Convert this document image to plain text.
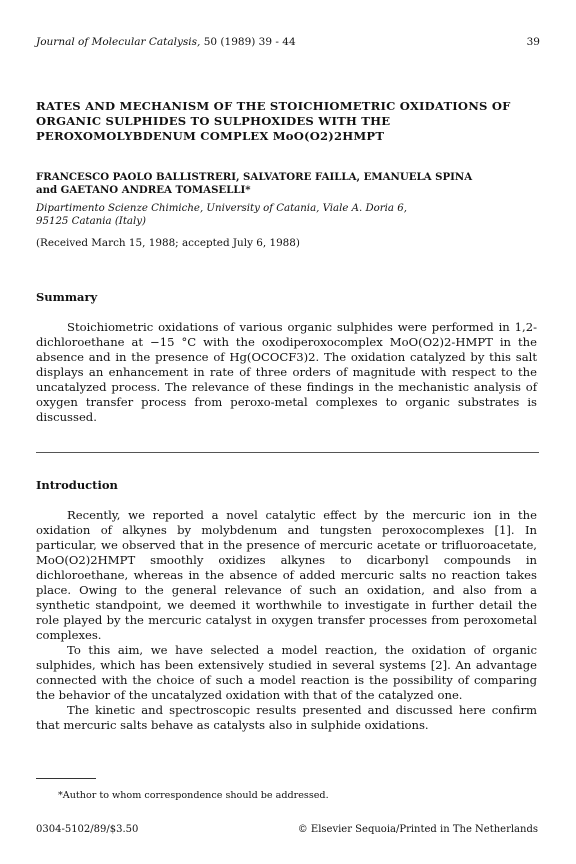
Journal of Molecular Catalysis, 50 (1989) 39 - 44	39
RATES AND MECHANISM OF THE STOICHIOMETRIC OXIDATIONS OF ORGANIC SULPHIDES TO SULPHOXIDES WITH THE PEROXOMOLYBDENUM COMPLEX MoO(O2)2HMPT
FRANCESCO PAOLO BALLISTRERI, SALVATORE FAILLA, EMANUELA SPINA
and GAETANO ANDREA TOMASELLI*
Dipartimento Scienze Chimiche, University of Catania, Viale A. Doria 6,
95125 Catania (Italy)
(Received March 15, 1988; accepted July 6, 1988)
Summary

Stoichiometric oxidations of various organic sulphides were performed in 1,2-dichloroethane at −15 °C with the oxodiperoxocomplex MoO(O2)2-HMPT in the absence and in the presence of Hg(OCOCF3)2. The oxidation catalyzed by this salt displays an enhancement in rate of three orders of magnitude with respect to the uncatalyzed process. The relevance of these findings in the mechanistic analysis of oxygen transfer process from peroxo-metal complexes to organic substrates is discussed.

Introduction

Recently, we reported a novel catalytic effect by the mercuric ion in the oxidation of alkynes by molybdenum and tungsten peroxocomplexes [1]. In particular, we observed that in the presence of mercuric acetate or trifluoroacetate, MoO(O2)2HMPT smoothly oxidizes alkynes to dicarbonyl compounds in dichloroethane, whereas in the absence of added mercuric salts no reaction takes place. Owing to the general relevance of such an oxidation, and also from a synthetic standpoint, we deemed it worthwhile to investigate in further detail the role played by the mercuric catalyst in oxygen transfer processes from peroxometal complexes.

To this aim, we have selected a model reaction, the oxidation of organic sulphides, which has been extensively studied in several systems [2]. An advantage connected with the choice of such a model reaction is the possibility of comparing the behavior of the uncatalyzed oxidation with that of the catalyzed one.

The kinetic and spectroscopic results presented and discussed here confirm that mercuric salts behave as catalysts also in sulphide oxidations.

*Author to whom correspondence should be addressed.
0304-5102/89/$3.50	© Elsevier Sequoia/Printed in The Netherlands
